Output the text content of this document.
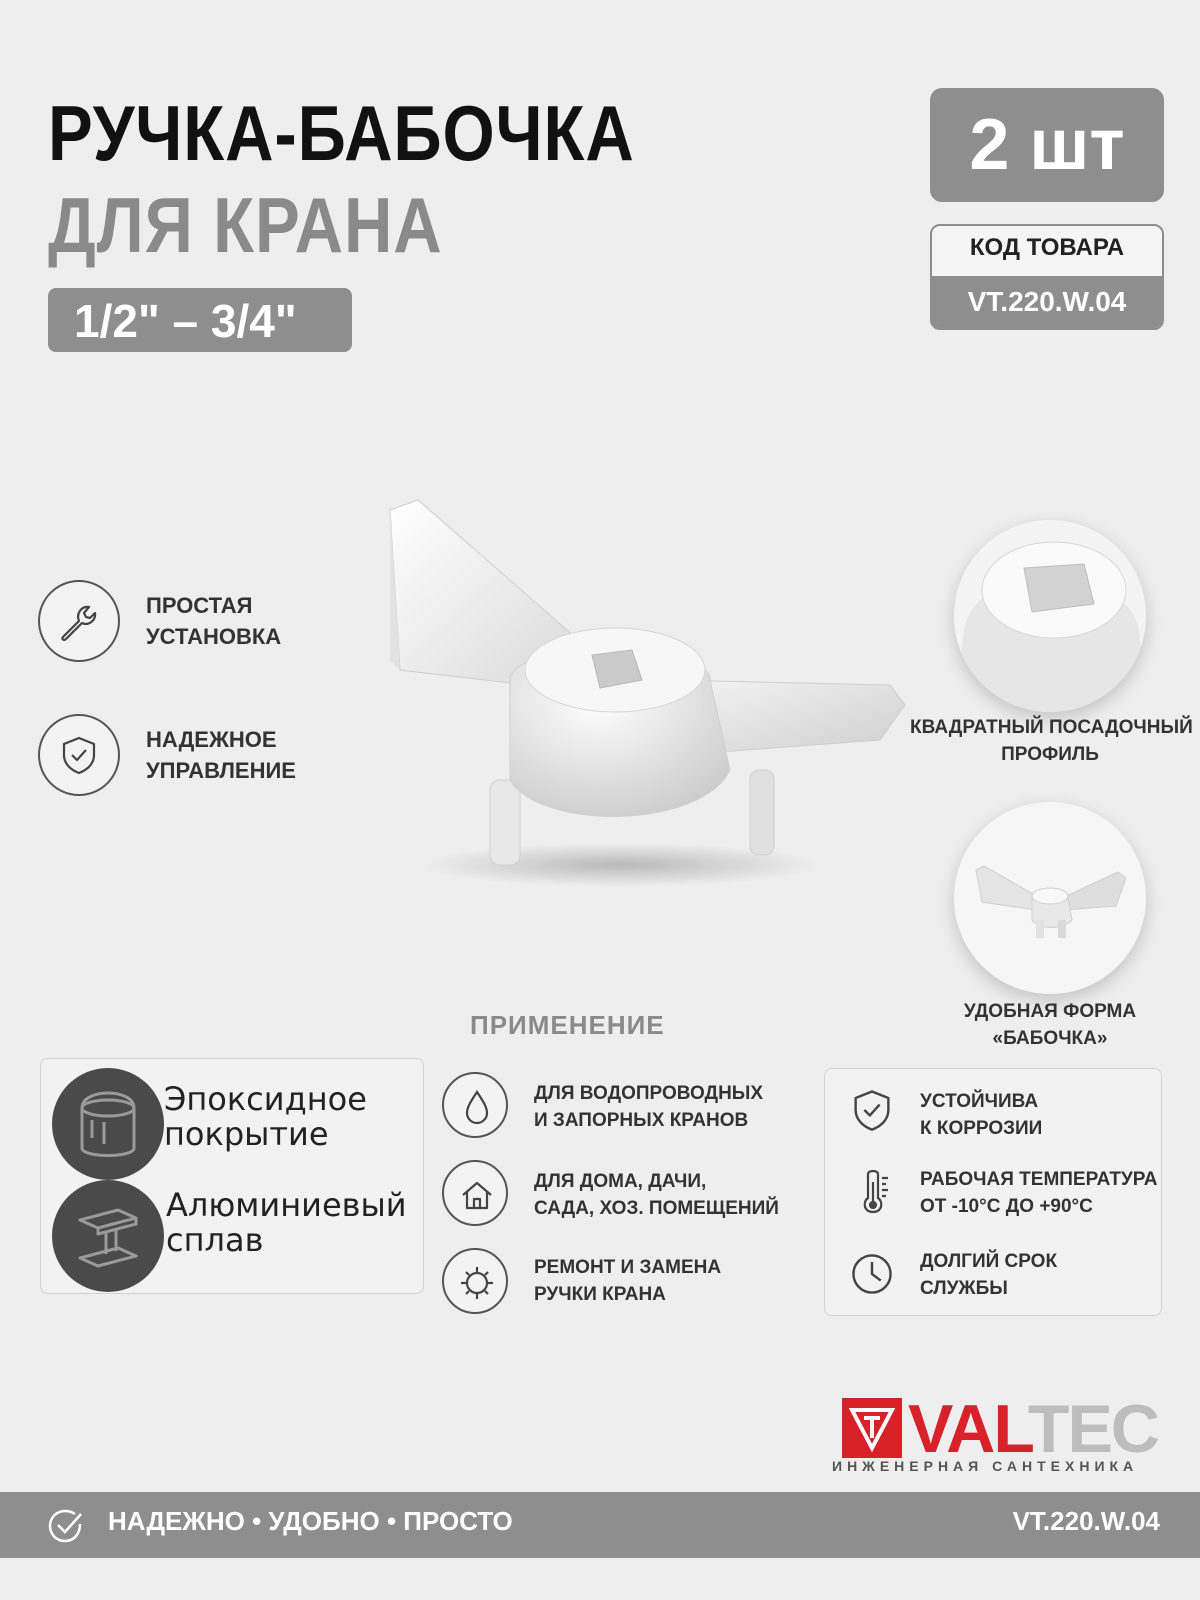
РУЧКА-БАБОЧКА
ДЛЯ КРАНА
1/2" – 3/4"
2 шт
КОД ТОВАРА
VT.220.W.04
ПРОСТАЯ
УСТАНОВКА
НАДЕЖНОЕ
УПРАВЛЕНИЕ
КВАДРАТНЫЙ ПОСАДОЧНЫЙ
ПРОФИЛЬ
УДОБНАЯ ФОРМА
«БАБОЧКА»
Эпоксидное
покрытие
Алюминиевый
сплав
ПРИМЕНЕНИЕ
ДЛЯ ВОДОПРОВОДНЫХ
И ЗАПОРНЫХ КРАНОВ
ДЛЯ ДОМА, ДАЧИ,
САДА, ХОЗ. ПОМЕЩЕНИЙ
РЕМОНТ И ЗАМЕНА
РУЧКИ КРАНА
УСТОЙЧИВА
К КОРРОЗИИ
РАБОЧАЯ ТЕМПЕРАТУРА
ОТ -10°С ДО +90°С
ДОЛГИЙ СРОК
СЛУЖБЫ
VALTEC
ИНЖЕНЕРНАЯ САНТЕХНИКА
НАДЕЖНО • УДОБНО • ПРОСТО	VT.220.W.04
